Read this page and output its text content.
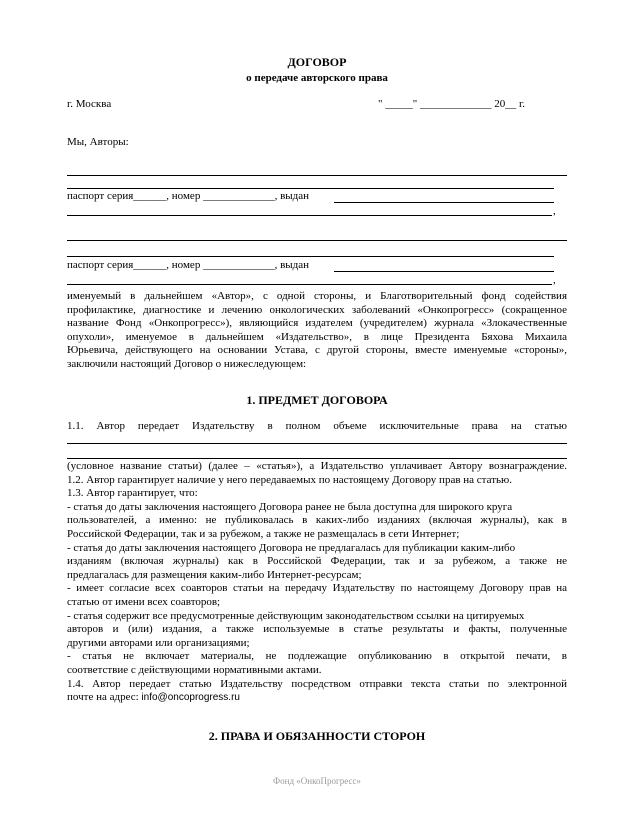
ДОГОВОР
о передаче авторского права
г. Москва	" _____" _____________ 20__ г.
Мы, Авторы:
паспорт серия______, номер _____________, выдан
,
паспорт серия______, номер _____________, выдан
,
именуемый в дальнейшем «Автор», с одной стороны, и Благотворительный фонд содействия
профилактике, диагностике и лечению онкологических заболеваний «Онкопрогресс» (сокращенное
название Фонд «Онкопрогресс»), являющийся издателем (учредителем) журнала «Злокачественные
опухоли», именуемое в дальнейшем «Издательство», в лице Президента Бяхова Михаила
Юрьевича, действующего на основании Устава, с другой стороны, вместе именуемые «стороны»,
заключили настоящий Договор о нижеследующем:
1. ПРЕДМЕТ ДОГОВОРА
1.1. Автор передает Издательству в полном объеме исключительные права на статью
(условное название статьи) (далее – «статья»), а Издательство уплачивает Автору вознаграждение.
1.2. Автор гарантирует наличие у него передаваемых по настоящему Договору прав на статью.
1.3. Автор гарантирует, что:
- статья до даты заключения настоящего Договора ранее не была доступна для широкого круга
пользователей, а именно: не публиковалась в каких-либо изданиях (включая журналы), как в
Российской Федерации, так и за рубежом, а также не размещалась в сети Интернет;
- статья до даты заключения настоящего Договора не предлагалась для публикации каким-либо
изданиям (включая журналы) как в Российской Федерации, так и за рубежом, а также не
предлагалась для размещения каким-либо Интернет-ресурсам;
- имеет согласие всех соавторов статьи на передачу Издательству по настоящему Договору прав на
статью от имени всех соавторов;
- статья содержит все предусмотренные действующим законодательством ссылки на цитируемых
авторов и (или) издания, а также используемые в статье результаты и факты, полученные
другими авторами или организациями;
- статья не включает материалы, не подлежащие опубликованию в открытой печати, в
соответствие с действующими нормативными актами.
1.4. Автор передает статью Издательству посредством отправки текста статьи по электронной
почте на адрес: info@oncoprogress.ru
2. ПРАВА И ОБЯЗАННОСТИ СТОРОН
Фонд «ОнкоПрогресс»
